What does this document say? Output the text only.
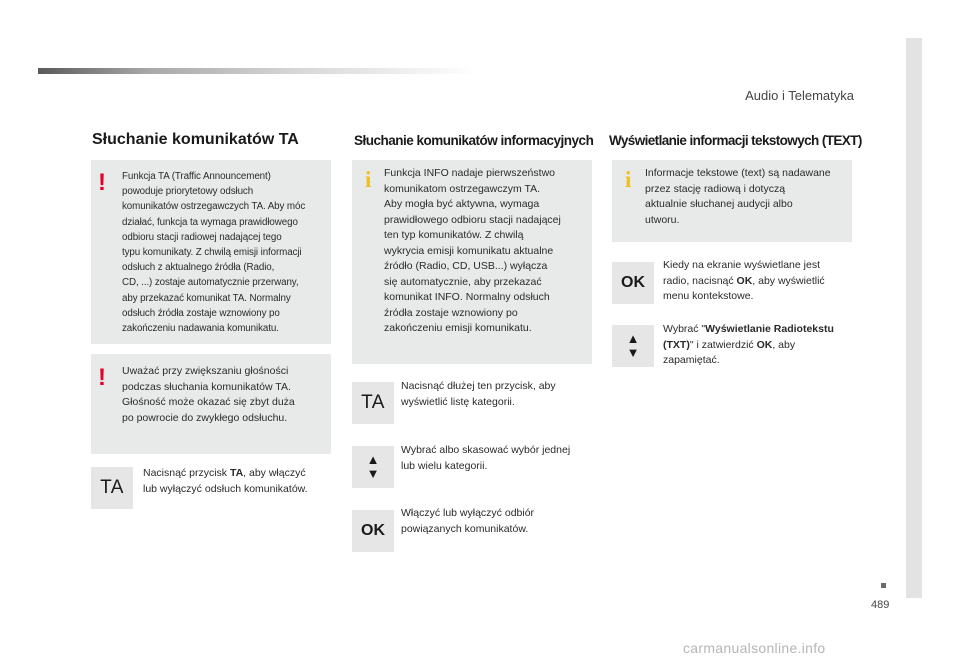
Audio i Telematyka
489
carmanualsonline.info
Słuchanie komunikatów TA
! Funkcja TA (Traffic Announcement)
powoduje priorytetowy odsłuch
komunikatów ostrzegawczych TA. Aby móc
działać, funkcja ta wymaga prawidłowego
odbioru stacji radiowej nadającej tego
typu komunikaty. Z chwilą emisji informacji
odsłuch z aktualnego źródła (Radio,
CD, ...) zostaje automatycznie przerwany,
aby przekazać komunikat TA. Normalny
odsłuch źródła zostaje wznowiony po
zakończeniu nadawania komunikatu.
! Uważać przy zwiększaniu głośności
podczas słuchania komunikatów TA.
Głośność może okazać się zbyt duża
po powrocie do zwykłego odsłuchu.
TA
Nacisnąć przycisk TA, aby włączyć
lub wyłączyć odsłuch komunikatów.
Słuchanie komunikatów informacyjnych
i Funkcja INFO nadaje pierwszeństwo
komunikatom ostrzegawczym TA.
Aby mogła być aktywna, wymaga
prawidłowego odbioru stacji nadającej
ten typ komunikatów. Z chwilą
wykrycia emisji komunikatu aktualne
źródło (Radio, CD, USB...) wyłącza
się automatycznie, aby przekazać
komunikat INFO. Normalny odsłuch
źródła zostaje wznowiony po
zakończeniu emisji komunikatu.
TA
Nacisnąć dłużej ten przycisk, aby
wyświetlić listę kategorii.
▲
▼
Wybrać albo skasować wybór jednej
lub wielu kategorii.
OK
Włączyć lub wyłączyć odbiór
powiązanych komunikatów.
Wyświetlanie informacji tekstowych (TEXT)
i Informacje tekstowe (text) są nadawane
przez stację radiową i dotyczą
aktualnie słuchanej audycji albo
utworu.
OK
Kiedy na ekranie wyświetlane jest
radio, nacisnąć OK, aby wyświetlić
menu kontekstowe.
▲
▼
Wybrać "Wyświetlanie Radiotekstu
(TXT)" i zatwierdzić OK, aby
zapamiętać.
